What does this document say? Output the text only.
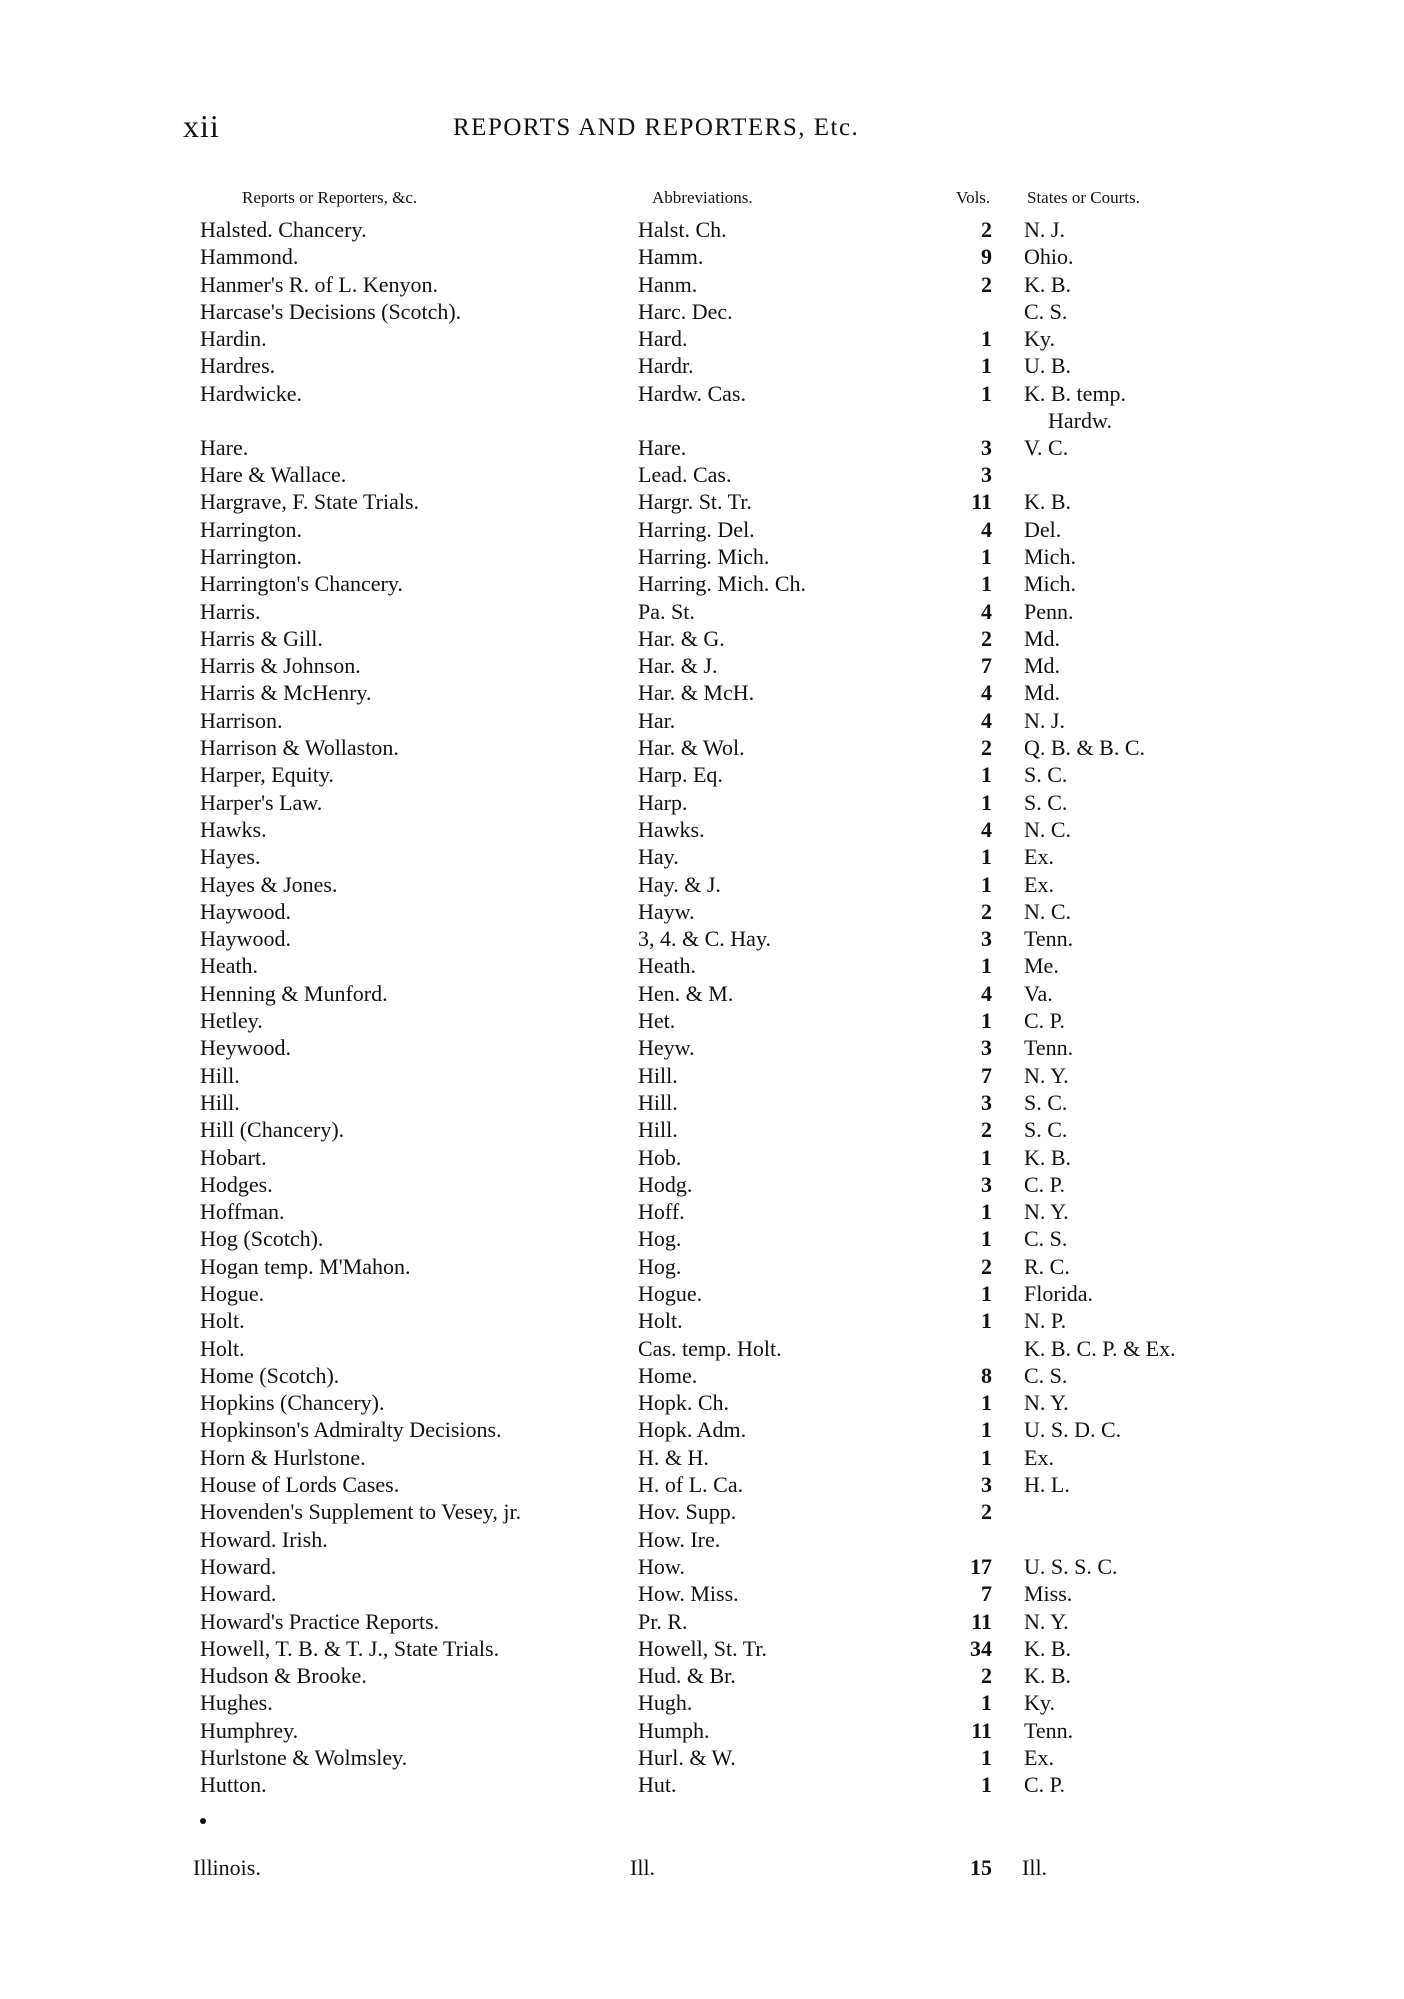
xii	REPORTS AND REPORTERS, Etc.
Reports or Reporters, &c.	Abbreviations.	Vols. States or Courts.
Halsted. Chancery.	Halst. Ch.	2 N. J.
Hammond.	Hamm.	9 Ohio.
Hanmer's R. of L. Kenyon.	Hanm.	2 K. B.
Harcase's Decisions (Scotch).	Harc. Dec.	C. S.
Hardin.	Hard.	1 Ky.
Hardres.	Hardr.	1 U. B.
Hardwicke.	Hardw. Cas.	1 K. B. temp.
Hardw.
Hare.	Hare.	3 V. C.
Hare & Wallace.	Lead. Cas.	3
Hargrave, F. State Trials.	Hargr. St. Tr.	11 K. B.
Harrington.	Harring. Del.	4 Del.
Harrington.	Harring. Mich.	1 Mich.
Harrington's Chancery.	Harring. Mich. Ch.	1 Mich.
Harris.	Pa. St.	4 Penn.
Harris & Gill.	Har. & G.	2 Md.
Harris & Johnson.	Har. & J.	7 Md.
Harris & McHenry.	Har. & McH.	4 Md.
Harrison.	Har.	4 N. J.
Harrison & Wollaston.	Har. & Wol.	2 Q. B. & B. C.
Harper, Equity.	Harp. Eq.	1 S. C.
Harper's Law.	Harp.	1 S. C.
Hawks.	Hawks.	4 N. C.
Hayes.	Hay.	1 Ex.
Hayes & Jones.	Hay. & J.	1 Ex.
Haywood.	Hayw.	2 N. C.
Haywood.	3, 4. & C. Hay.	3 Tenn.
Heath.	Heath.	1 Me.
Henning & Munford.	Hen. & M.	4 Va.
Hetley.	Het.	1 C. P.
Heywood.	Heyw.	3 Tenn.
Hill.	Hill.	7 N. Y.
Hill.	Hill.	3 S. C.
Hill (Chancery).	Hill.	2 S. C.
Hobart.	Hob.	1 K. B.
Hodges.	Hodg.	3 C. P.
Hoffman.	Hoff.	1 N. Y.
Hog (Scotch).	Hog.	1 C. S.
Hogan temp. M'Mahon.	Hog.	2 R. C.
Hogue.	Hogue.	1 Florida.
Holt.	Holt.	1 N. P.
Holt.	Cas. temp. Holt.	K. B. C. P. & Ex.
Home (Scotch).	Home.	8 C. S.
Hopkins (Chancery).	Hopk. Ch.	1 N. Y.
Hopkinson's Admiralty Decisions.	Hopk. Adm.	1 U. S. D. C.
Horn & Hurlstone.	H. & H.	1 Ex.
House of Lords Cases.	H. of L. Ca.	3 H. L.
Hovenden's Supplement to Vesey, jr.	Hov. Supp.	2
Howard. Irish.	How. Ire.
Howard.	How.	17 U. S. S. C.
Howard.	How. Miss.	7 Miss.
Howard's Practice Reports.	Pr. R.	11 N. Y.
Howell, T. B. & T. J., State Trials.	Howell, St. Tr.	34 K. B.
Hudson & Brooke.	Hud. & Br.	2 K. B.
Hughes.	Hugh.	1 Ky.
Humphrey.	Humph.	11 Tenn.
Hurlstone & Wolmsley.	Hurl. & W.	1 Ex.
Hutton.	Hut.	1 C. P.
Illinois.	Ill.	15 Ill.
